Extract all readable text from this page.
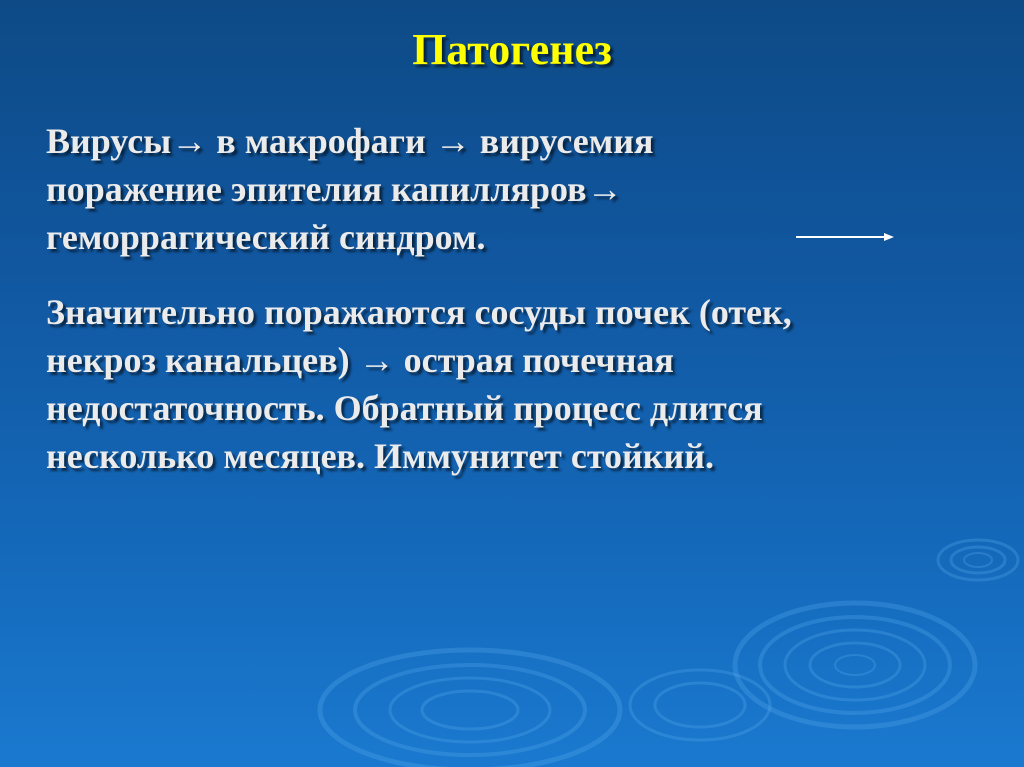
Патогенез

Вирусы→ в макрофаги → вирусемия
поражение эпителия капилляров→
геморрагический синдром.

Значительно поражаются сосуды почек (отек,
некроз канальцев) → острая почечная
недостаточность. Обратный процесс длится
несколько месяцев. Иммунитет стойкий.
